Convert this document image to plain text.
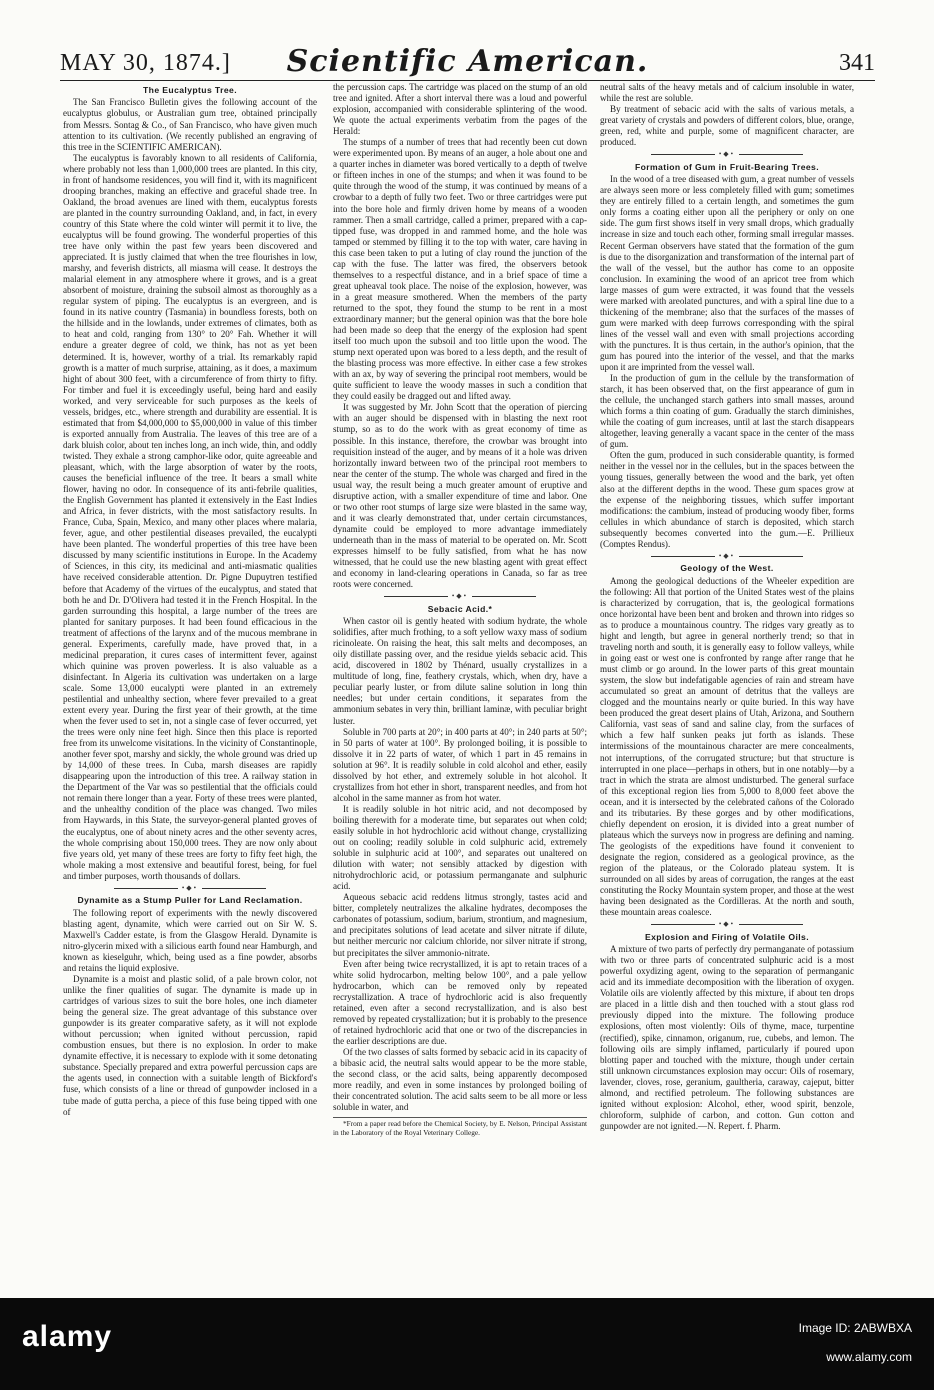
MAY 30, 1874.]	Scientific American.	341
The Eucalyptus Tree.

The San Francisco Bulletin gives the following account of the eucalyptus globulus, or Australian gum tree, obtained principally from Messrs. Sontag & Co., of San Francisco, who have given much attention to its cultivation. (We recently published an engraving of this tree in the SCIENTIFIC AMERICAN).

The eucalyptus is favorably known to all residents of California, where probably not less than 1,000,000 trees are planted. In this city, in front of handsome residences, you will find it, with its magnificent drooping branches, making an effective and graceful shade tree. In Oakland, the broad avenues are lined with them, eucalyptus forests are planted in the country surrounding Oakland, and, in fact, in every country of this State where the cold winter will permit it to live, the eucalyptus will be found growing. The wonderful properties of this tree have only within the past few years been discovered and appreciated. It is justly claimed that when the tree flourishes in low, marshy, and feverish districts, all miasma will cease. It destroys the malarial element in any atmosphere where it grows, and is a great absorbent of moisture, draining the subsoil almost as thoroughly as a regular system of piping. The eucalyptus is an evergreen, and is found in its native country (Tasmania) in boundless forests, both on the hillside and in the lowlands, under extremes of climates, both as to heat and cold, ranging from 130° to 20° Fah. Whether it will endure a greater degree of cold, we think, has not as yet been determined. It is, however, worthy of a trial. Its remarkably rapid growth is a matter of much surprise, attaining, as it does, a maximum hight of about 300 feet, with a circumference of from thirty to fifty. For timber and fuel it is exceedingly useful, being hard and easily worked, and very serviceable for such purposes as the keels of vessels, bridges, etc., where strength and durability are essential. It is estimated that from $4,000,000 to $5,000,000 in value of this timber is exported annually from Australia. The leaves of this tree are of a dark bluish color, about ten inches long, an inch wide, thin, and oddly twisted. They exhale a strong camphor-like odor, quite agreeable and pleasant, which, with the large absorption of water by the roots, causes the beneficial influence of the tree. It bears a small white flower, having no odor. In consequence of its anti-febrile qualities, the English Government has planted it extensively in the East Indies and Africa, in fever districts, with the most satisfactory results. In France, Cuba, Spain, Mexico, and many other places where malaria, fever, ague, and other pestilential diseases prevailed, the eucalypti have been planted. The wonderful properties of this tree have been discussed by many scientific institutions in Europe. In the Academy of Sciences, in this city, its medicinal and anti-miasmatic qualities have received considerable attention. Dr. Pigne Dupuytren testified before that Academy of the virtues of the eucalyptus, and stated that both he and Dr. D'Olivera had tested it in the French Hospital. In the garden surrounding this hospital, a large number of the trees are planted for sanitary purposes. It had been found efficacious in the treatment of affections of the larynx and of the mucous membrane in general. Experiments, carefully made, have proved that, in a medicinal preparation, it cures cases of intermittent fever, against which quinine was proven powerless. It is also valuable as a disinfectant. In Algeria its cultivation was undertaken on a large scale. Some 13,000 eucalypti were planted in an extremely pestilential and unhealthy section, where fever prevailed to a great extent every year. During the first year of their growth, at the time when the fever used to set in, not a single case of fever occurred, yet the trees were only nine feet high. Since then this place is reported free from its unwelcome visitations. In the vicinity of Constantinople, another fever spot, marshy and sickly, the whole ground was dried up by 14,000 of these trees. In Cuba, marsh diseases are rapidly disappearing upon the introduction of this tree. A railway station in the Department of the Var was so pestilential that the officials could not remain there longer than a year. Forty of these trees were planted, and the unhealthy condition of the place was changed. Two miles from Haywards, in this State, the surveyor-general planted groves of the eucalyptus, one of about ninety acres and the other seventy acres, the whole comprising about 150,000 trees. They are now only about five years old, yet many of these trees are forty to fifty feet high, the whole making a most extensive and beautiful forest, being, for fuel and timber purposes, worth thousands of dollars.

•◆•
Dynamite as a Stump Puller for Land Reclamation.

The following report of experiments with the newly discovered blasting agent, dynamite, which were carried out on Sir W. S. Maxwell's Cadder estate, is from the Glasgow Herald. Dynamite is nitro-glycerin mixed with a silicious earth found near Hamburgh, and known as kieselguhr, which, being used as a fine powder, absorbs and retains the liquid explosive.

Dynamite is a moist and plastic solid, of a pale brown color, not unlike the finer qualities of sugar. The dynamite is made up in cartridges of various sizes to suit the bore holes, one inch diameter being the general size. The great advantage of this substance over gunpowder is its greater comparative safety, as it will not explode without percussion; when ignited without percussion, rapid combustion ensues, but there is no explosion. In order to make dynamite effective, it is necessary to explode with it some detonating substance. Specially prepared and extra powerful percussion caps are the agents used, in connection with a suitable length of Bickford's fuse, which consists of a line or thread of gunpowder inclosed in a tube made of gutta percha, a piece of this fuse being tipped with one of

the percussion caps. The cartridge was placed on the stump of an old tree and ignited. After a short interval there was a loud and powerful explosion, accompanied with considerable splintering of the wood. We quote the actual experiments verbatim from the pages of the Herald:

The stumps of a number of trees that had recently been cut down were experimented upon. By means of an auger, a hole about one and a quarter inches in diameter was bored vertically to a depth of twelve or fifteen inches in one of the stumps; and when it was found to be quite through the wood of the stump, it was continued by means of a crowbar to a depth of fully two feet. Two or three cartridges were put into the bore hole and firmly driven home by means of a wooden rammer. Then a small cartridge, called a primer, prepared with a cap-tipped fuse, was dropped in and rammed home, and the hole was tamped or stemmed by filling it to the top with water, care having in this case been taken to put a luting of clay round the junction of the cap with the fuse. The latter was fired, the observers betook themselves to a respectful distance, and in a brief space of time a great upheaval took place. The noise of the explosion, however, was in a great measure smothered. When the members of the party returned to the spot, they found the stump to be rent in a most extraordinary manner; but the general opinion was that the bore hole had been made so deep that the energy of the explosion had spent itself too much upon the subsoil and too little upon the wood. The stump next operated upon was bored to a less depth, and the result of the blasting process was more effective. In either case a few strokes with an ax, by way of severing the principal root members, would be quite sufficient to leave the woody masses in such a condition that they could easily be dragged out and lifted away.

It was suggested by Mr. John Scott that the operation of piercing with an auger should be dispensed with in blasting the next root stump, so as to do the work with as great economy of time as possible. In this instance, therefore, the crowbar was brought into requisition instead of the auger, and by means of it a hole was driven horizontally inward between two of the principal root members to near the center of the stump. The whole was charged and fired in the usual way, the result being a much greater amount of eruptive and disruptive action, with a smaller expenditure of time and labor. One or two other root stumps of large size were blasted in the same way, and it was clearly demonstrated that, under certain circumstances, dynamite could be employed to more advantage immediately underneath than in the mass of material to be operated on. Mr. Scott expresses himself to be fully satisfied, from what he has now witnessed, that he could use the new blasting agent with great effect and economy in land-clearing operations in Canada, so far as tree roots were concerned.

•◆•
Sebacic Acid.*

When castor oil is gently heated with sodium hydrate, the whole solidifies, after much frothing, to a soft yellow waxy mass of sodium ricinoleate. On raising the heat, this salt melts and decomposes, an oily distillate passing over, and the residue yields sebacic acid. This acid, discovered in 1802 by Thénard, usually crystallizes in a multitude of long, fine, feathery crystals, which, when dry, have a peculiar pearly luster, or from dilute saline solution in long thin needles; but under certain conditions, it separates from the ammonium sebates in very thin, brilliant laminæ, with peculiar bright luster.

Soluble in 700 parts at 20°; in 400 parts at 40°; in 240 parts at 50°; in 50 parts of water at 100°. By prolonged boiling, it is possible to dissolve it in 22 parts of water, of which 1 part in 45 remains in solution at 96°. It is readily soluble in cold alcohol and ether, easily dissolved by hot ether, and extremely soluble in hot alcohol. It crystallizes from hot ether in short, transparent needles, and from hot alcohol in the same manner as from hot water.

It is readily soluble in hot nitric acid, and not decomposed by boiling therewith for a moderate time, but separates out when cold; easily soluble in hot hydrochloric acid without change, crystallizing out on cooling; readily soluble in cold sulphuric acid, extremely soluble in sulphuric acid at 100°, and separates out unaltered on dilution with water; not sensibly attacked by digestion with nitrohydrochloric acid, or potassium permanganate and sulphuric acid.

Aqueous sebacic acid reddens litmus strongly, tastes acid and bitter, completely neutralizes the alkaline hydrates, decomposes the carbonates of potassium, sodium, barium, strontium, and magnesium, and precipitates solutions of lead acetate and silver nitrate if dilute, but neither mercuric nor calcium chloride, nor silver nitrate if strong, but precipitates the silver ammonio-nitrate.

Even after being twice recrystallized, it is apt to retain traces of a white solid hydrocarbon, melting below 100°, and a pale yellow hydrocarbon, which can be removed only by repeated recrystallization. A trace of hydrochloric acid is also frequently retained, even after a second recrystallization, and is also best removed by repeated crystallization; but it is probably to the presence of retained hydrochloric acid that one or two of the discrepancies in the earlier descriptions are due.

Of the two classes of salts formed by sebacic acid in its capacity of a bibasic acid, the neutral salts would appear to be the more stable, the second class, or the acid salts, being apparently decomposed more readily, and even in some instances by prolonged boiling of their concentrated solution. The acid salts seem to be all more or less soluble in water, and

*From a paper read before the Chemical Society, by E. Nelson, Principal Assistant in the Laboratory of the Royal Veterinary College.

neutral salts of the heavy metals and of calcium insoluble in water, while the rest are soluble.

By treatment of sebacic acid with the salts of various metals, a great variety of crystals and powders of different colors, blue, orange, green, red, white and purple, some of magnificent character, are produced.

•◆•
Formation of Gum in Fruit-Bearing Trees.

In the wood of a tree diseased with gum, a great number of vessels are always seen more or less completely filled with gum; sometimes they are entirely filled to a certain length, and sometimes the gum only forms a coating either upon all the periphery or only on one side. The gum first shows itself in very small drops, which gradually increase in size and touch each other, forming small irregular masses. Recent German observers have stated that the formation of the gum is due to the disorganization and transformation of the internal part of the wall of the vessel, but the author has come to an opposite conclusion. In examining the wood of an apricot tree from which large masses of gum were extracted, it was found that the vessels were marked with areolated punctures, and with a spiral line due to a thickening of the membrane; also that the surfaces of the masses of gum were marked with deep furrows corresponding with the spiral lines of the vessel wall and even with small projections according with the punctures. It is thus certain, in the author's opinion, that the gum has poured into the interior of the vessel, and that the marks upon it are imprinted from the vessel wall.

In the production of gum in the cellule by the transformation of starch, it has been observed that, on the first appearance of gum in the cellule, the unchanged starch gathers into small masses, around which forms a thin coating of gum. Gradually the starch diminishes, while the coating of gum increases, until at last the starch disappears altogether, leaving generally a vacant space in the center of the mass of gum.

Often the gum, produced in such considerable quantity, is formed neither in the vessel nor in the cellules, but in the spaces between the young tissues, generally between the wood and the bark, yet often also at the different depths in the wood. These gum spaces grow at the expense of the neighboring tissues, which suffer important modifications: the cambium, instead of producing woody fiber, forms cellules in which abundance of starch is deposited, which starch subsequently becomes converted into the gum.—E. Prillieux (Comptes Rendus).

•◆•
Geology of the West.

Among the geological deductions of the Wheeler expedition are the following: All that portion of the United States west of the plains is characterized by corrugation, that is, the geological formations once horizontal have been bent and broken and thrown into ridges so as to produce a mountainous country. The ridges vary greatly as to hight and length, but agree in general northerly trend; so that in traveling north and south, it is generally easy to follow valleys, while in going east or west one is confronted by range after range that he must climb or go around. In the lower parts of this great mountain system, the slow but indefatigable agencies of rain and stream have accumulated so great an amount of detritus that the valleys are clogged and the mountains nearly or quite buried. In this way have been produced the great desert plains of Utah, Arizona, and Southern California, vast seas of sand and saline clay, from the surfaces of which a few half sunken peaks jut forth as islands. These intermissions of the mountainous character are mere concealments, not interruptions, of the corrugated structure; but that structure is interrupted in one place—perhaps in others, but in one notably—by a tract in which the strata are almost undisturbed. The general surface of this exceptional region lies from 5,000 to 8,000 feet above the ocean, and it is intersected by the celebrated cañons of the Colorado and its tributaries. By these gorges and by other modifications, chiefly dependent on erosion, it is divided into a great number of plateaus which the surveys now in progress are defining and naming. The geologists of the expeditions have found it convenient to designate the region, considered as a geological province, as the region of the plateaus, or the Colorado plateau system. It is surrounded on all sides by areas of corrugation, the ranges at the east constituting the Rocky Mountain system proper, and those at the west having been designated as the Cordilleras. At the north and south, these mountain areas coalesce.

•◆•
Explosion and Firing of Volatile Oils.

A mixture of two parts of perfectly dry permanganate of potassium with two or three parts of concentrated sulphuric acid is a most powerful oxydizing agent, owing to the separation of permanganic acid and its immediate decomposition with the liberation of oxygen. Volatile oils are violently affected by this mixture, if about ten drops are placed in a little dish and then touched with a stout glass rod previously dipped into the mixture. The following produce explosions, often most violently: Oils of thyme, mace, turpentine (rectified), spike, cinnamon, origanum, rue, cubebs, and lemon. The following oils are simply inflamed, particularly if poured upon blotting paper and touched with the mixture, though under certain still unknown circumstances explosion may occur: Oils of rosemary, lavender, cloves, rose, geranium, gaultheria, caraway, cajeput, bitter almond, and rectified petroleum. The following substances are ignited without explosion: Alcohol, ether, wood spirit, benzole, chloroform, sulphide of carbon, and cotton. Gun cotton and gunpowder are not ignited.—N. Repert. f. Pharm.

alamy	Image ID: 2ABWBXA
www.alamy.com
